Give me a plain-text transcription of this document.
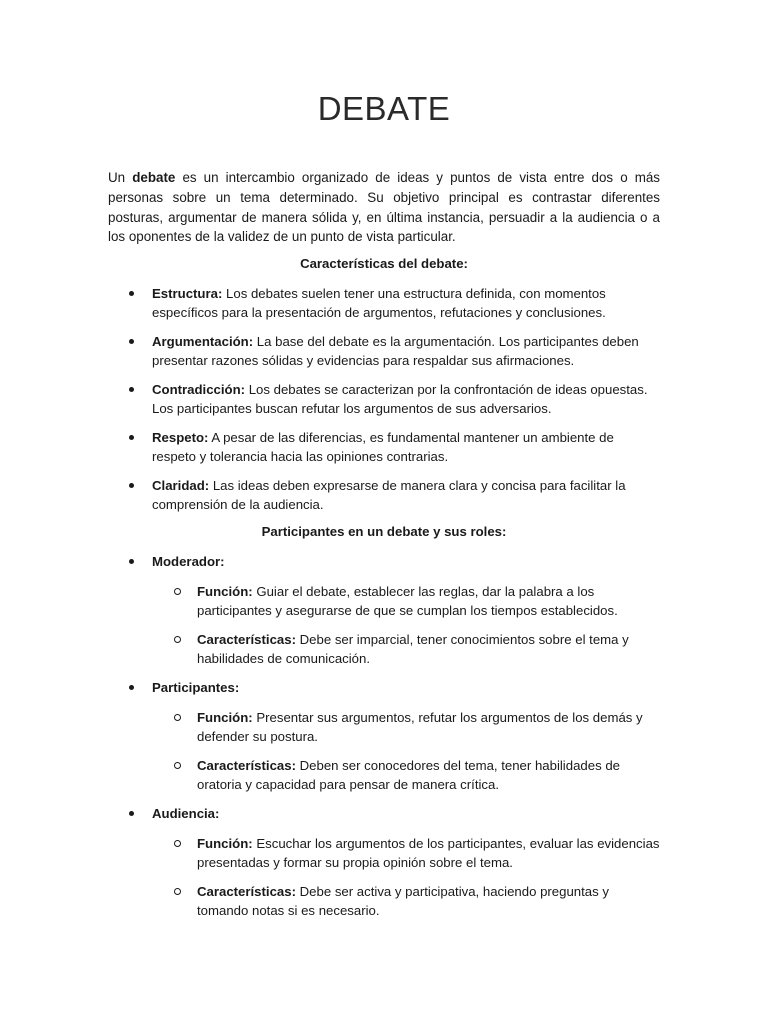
DEBATE

Un debate es un intercambio organizado de ideas y puntos de vista entre dos o más personas sobre un tema determinado. Su objetivo principal es contrastar diferentes posturas, argumentar de manera sólida y, en última instancia, persuadir a la audiencia o a los oponentes de la validez de un punto de vista particular.

Características del debate:

Estructura: Los debates suelen tener una estructura definida, con momentos específicos para la presentación de argumentos, refutaciones y conclusiones.
Argumentación: La base del debate es la argumentación. Los participantes deben presentar razones sólidas y evidencias para respaldar sus afirmaciones.
Contradicción: Los debates se caracterizan por la confrontación de ideas opuestas. Los participantes buscan refutar los argumentos de sus adversarios.
Respeto: A pesar de las diferencias, es fundamental mantener un ambiente de respeto y tolerancia hacia las opiniones contrarias.
Claridad: Las ideas deben expresarse de manera clara y concisa para facilitar la comprensión de la audiencia.

Participantes en un debate y sus roles:

Moderador:
Función: Guiar el debate, establecer las reglas, dar la palabra a los participantes y asegurarse de que se cumplan los tiempos establecidos.
Características: Debe ser imparcial, tener conocimientos sobre el tema y habilidades de comunicación.
Participantes:
Función: Presentar sus argumentos, refutar los argumentos de los demás y defender su postura.
Características: Deben ser conocedores del tema, tener habilidades de oratoria y capacidad para pensar de manera crítica.
Audiencia:
Función: Escuchar los argumentos de los participantes, evaluar las evidencias presentadas y formar su propia opinión sobre el tema.
Características: Debe ser activa y participativa, haciendo preguntas y tomando notas si es necesario.
